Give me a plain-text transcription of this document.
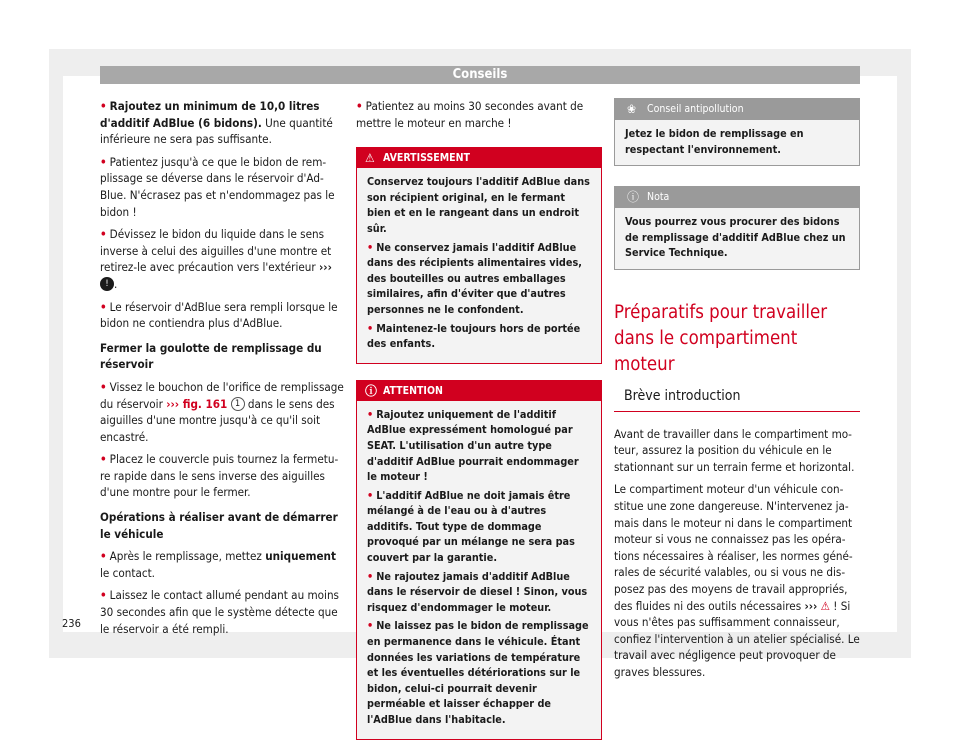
Conseils

• Rajoutez un minimum de 10,0 litres d'additif AdBlue (6 bidons). Une quantité inférieure ne sera pas suffisante.

• Patientez jusqu'à ce que le bidon de remplissage se déverse dans le réservoir d'AdBlue. N'écrasez pas et n'endommagez pas le bidon !

• Dévissez le bidon du liquide dans le sens inverse à celui des aiguilles d'une montre et retirez-le avec précaution vers l'extérieur ››› ! .

• Le réservoir d'AdBlue sera rempli lorsque le bidon ne contiendra plus d'AdBlue.

Fermer la goulotte de remplissage du réservoir

• Vissez le bouchon de l'orifice de remplissage du réservoir ››› fig. 161 1 dans le sens des aiguilles d'une montre jusqu'à ce qu'il soit encastré.

• Placez le couvercle puis tournez la fermeture rapide dans le sens inverse des aiguilles d'une montre pour le fermer.

Opérations à réaliser avant de démarrer le véhicule

• Après le remplissage, mettez uniquement le contact.

• Laissez le contact allumé pendant au moins 30 secondes afin que le système détecte que le réservoir a été rempli.

• Patientez au moins 30 secondes avant de mettre le moteur en marche !

⚠ AVERTISSEMENT

Conservez toujours l'additif AdBlue dans son récipient original, en le fermant bien et en le rangeant dans un endroit sûr.

• Ne conservez jamais l'additif AdBlue dans des récipients alimentaires vides, des bouteilles ou autres emballages similaires, afin d'éviter que d'autres personnes ne le confondent.

• Maintenez-le toujours hors de portée des enfants.

ⓘ ATTENTION

• Rajoutez uniquement de l'additif AdBlue expressément homologué par SEAT. L'utilisation d'un autre type d'additif AdBlue pourrait endommager le moteur !

• L'additif AdBlue ne doit jamais être mélangé à de l'eau ou à d'autres additifs. Tout type de dommage provoqué par un mélange ne sera pas couvert par la garantie.

• Ne rajoutez jamais d'additif AdBlue dans le réservoir de diesel ! Sinon, vous risquez d'endommager le moteur.

• Ne laissez pas le bidon de remplissage en permanence dans le véhicule. Étant données les variations de température et les éventuelles détériorations sur le bidon, celui-ci pourrait devenir perméable et laisser échapper de l'AdBlue dans l'habitacle.

❀ Conseil antipollution
Jetez le bidon de remplissage en respectant l'environnement.
ⓘ Nota
Vous pourrez vous procurer des bidons de remplissage d'additif AdBlue chez un Service Technique.
Préparatifs pour travailler dans le compartiment moteur
Brève introduction

Avant de travailler dans le compartiment moteur, assurez la position du véhicule en le stationnant sur un terrain ferme et horizontal.

Le compartiment moteur d'un véhicule constitue une zone dangereuse. N'intervenez jamais dans le moteur ni dans le compartiment moteur si vous ne connaissez pas les opérations nécessaires à réaliser, les normes générales de sécurité valables, ou si vous ne disposez pas des moyens de travail appropriés, des fluides ni des outils nécessaires ››› ⚠ ! Si vous n'êtes pas suffisamment connaisseur, confiez l'intervention à un atelier spécialisé. Le travail avec négligence peut provoquer de graves blessures.

236
